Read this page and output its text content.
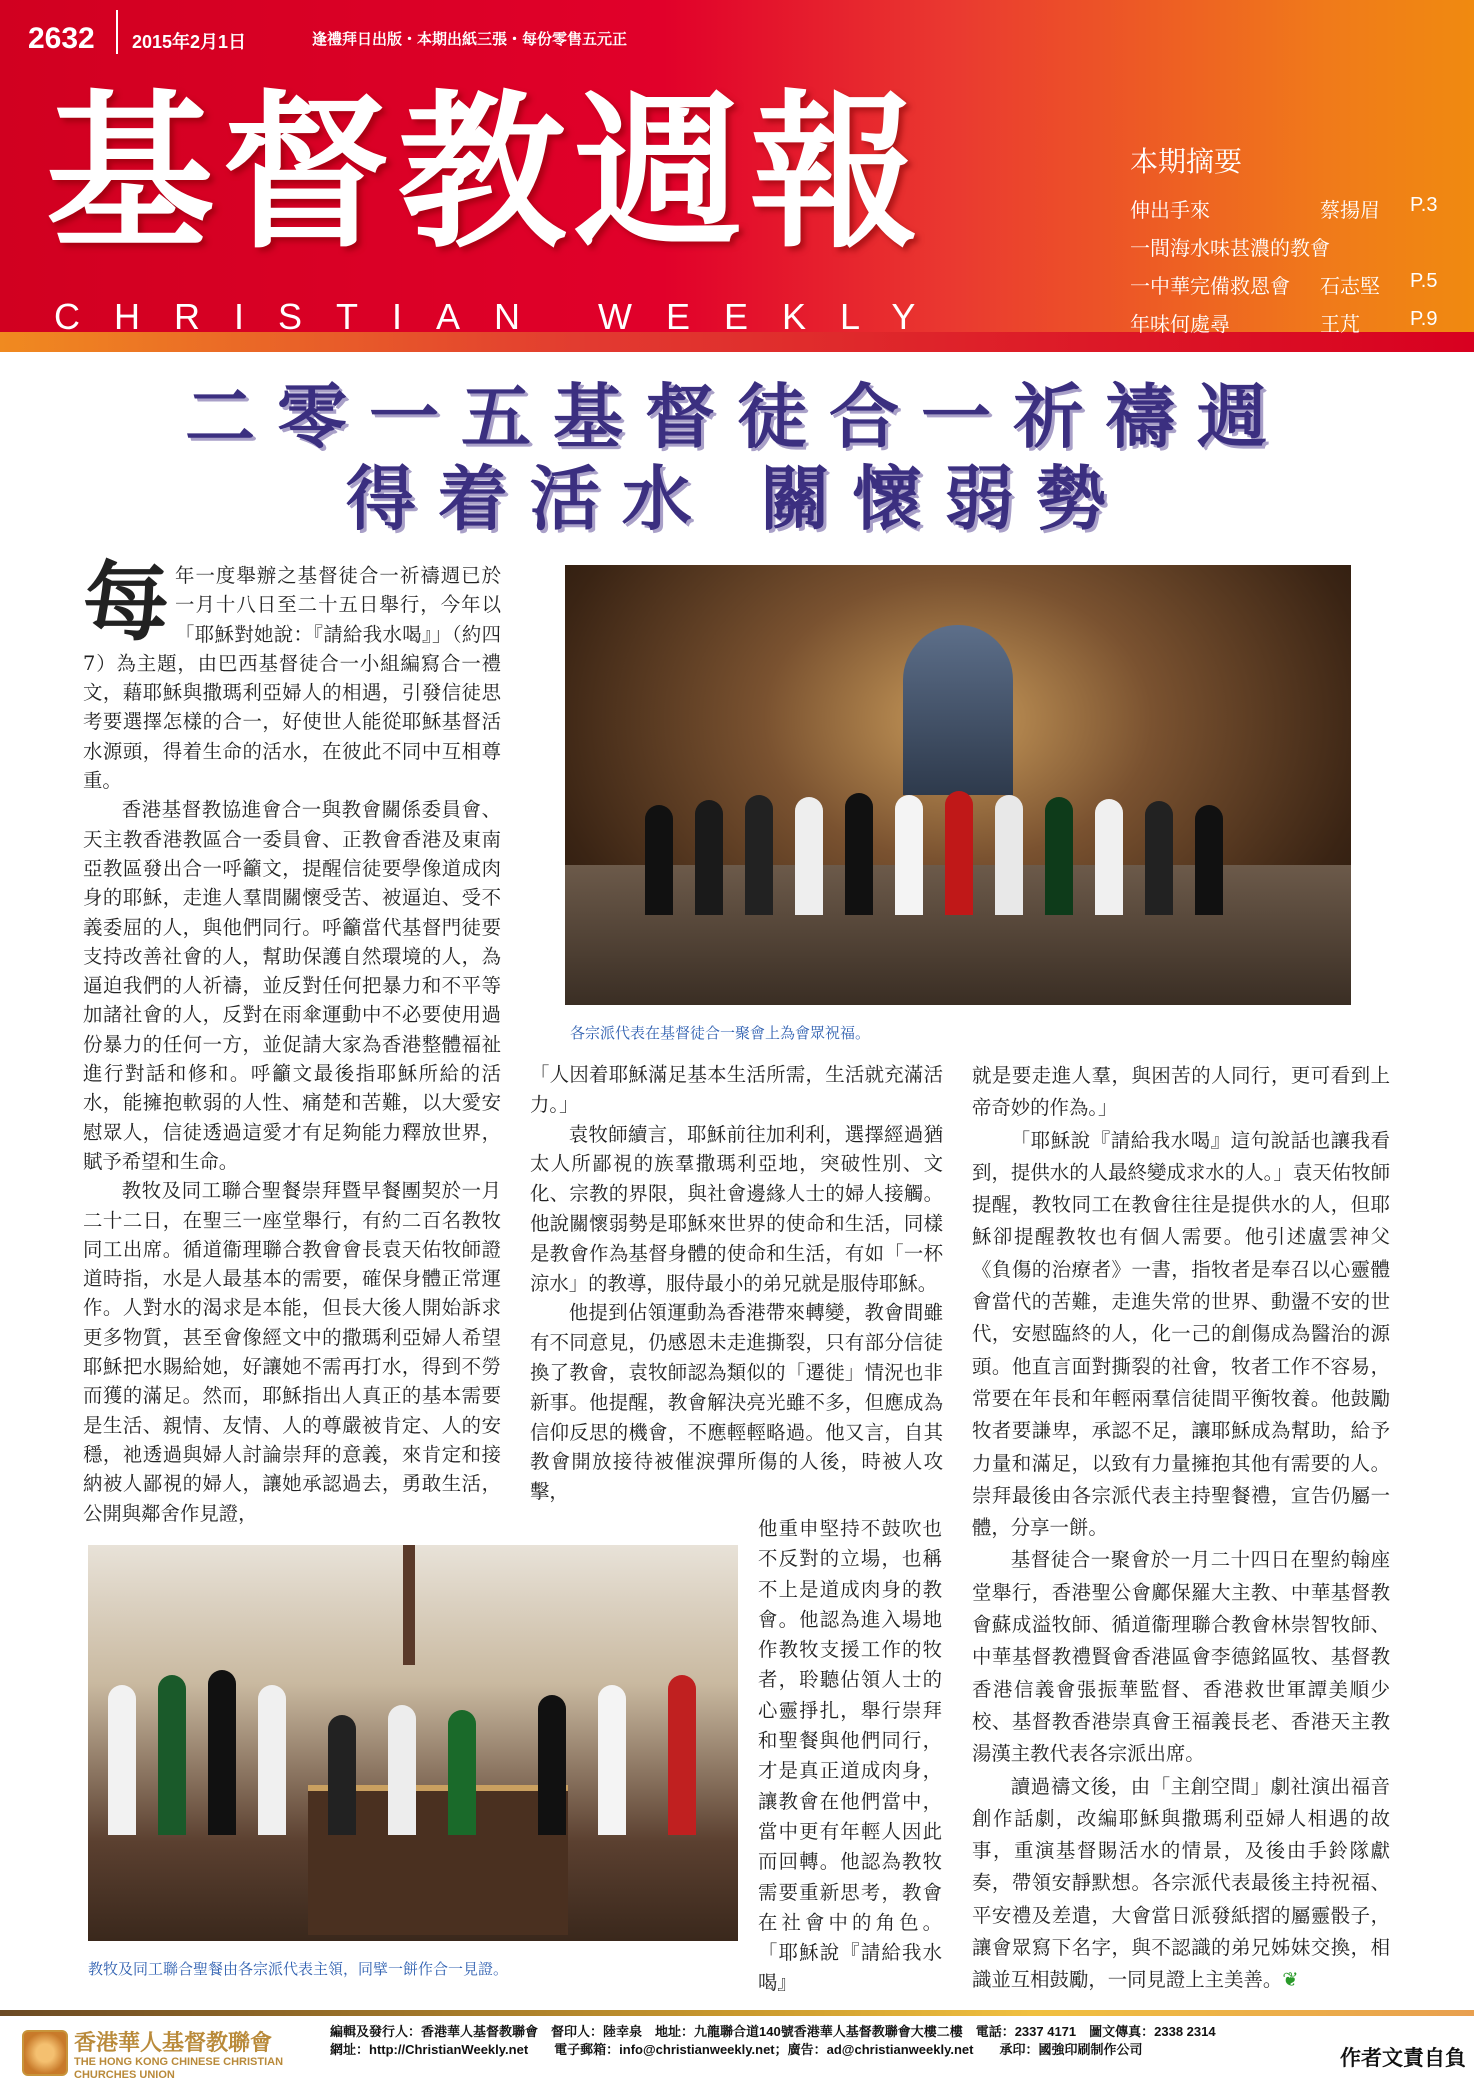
2632 2015年2月1日	逢禮拜日出版・本期出紙三張・每份零售五元正
基督教週報
CHRISTIAN WEEKLY
本期摘要
伸出手來	蔡揚眉	P.3
一間海水味甚濃的教會
一中華完備救恩會	石志堅	P.5
年味何處尋	王芃	P.9
二零一五基督徒合一祈禱週
得着活水 關懷弱勢
各宗派代表在基督徒合一聚會上為會眾祝福。

每年一度舉辦之基督徒合一祈禱週已於一月十八日至二十五日舉行，今年以「耶穌對她說：『請給我水喝』」（約四7）為主題，由巴西基督徒合一小組編寫合一禮文，藉耶穌與撒瑪利亞婦人的相遇，引發信徒思考要選擇怎樣的合一，好使世人能從耶穌基督活水源頭，得着生命的活水，在彼此不同中互相尊重。

香港基督教協進會合一與教會關係委員會、天主教香港教區合一委員會、正教會香港及東南亞教區發出合一呼籲文，提醒信徒要學像道成肉身的耶穌，走進人羣間關懷受苦、被逼迫、受不義委屈的人，與他們同行。呼籲當代基督門徒要支持改善社會的人，幫助保護自然環境的人，為逼迫我們的人祈禱，並反對任何把暴力和不平等加諸社會的人，反對在雨傘運動中不必要使用過份暴力的任何一方，並促請大家為香港整體福祉進行對話和修和。呼籲文最後指耶穌所給的活水，能擁抱軟弱的人性、痛楚和苦難，以大愛安慰眾人，信徒透過這愛才有足夠能力釋放世界，賦予希望和生命。

教牧及同工聯合聖餐崇拜暨早餐團契於一月二十二日，在聖三一座堂舉行，有約二百名教牧同工出席。循道衞理聯合教會會長袁天佑牧師證道時指，水是人最基本的需要，確保身體正常運作。人對水的渴求是本能，但長大後人開始訴求更多物質，甚至會像經文中的撒瑪利亞婦人希望耶穌把水賜給她，好讓她不需再打水，得到不勞而獲的滿足。然而，耶穌指出人真正的基本需要是生活、親情、友情、人的尊嚴被肯定、人的安穩，祂透過與婦人討論崇拜的意義，來肯定和接納被人鄙視的婦人，讓她承認過去，勇敢生活，公開與鄰舍作見證，

「人因着耶穌滿足基本生活所需，生活就充滿活力。」

袁牧師續言，耶穌前往加利利，選擇經過猶太人所鄙視的族羣撒瑪利亞地，突破性別、文化、宗教的界限，與社會邊緣人士的婦人接觸。他說關懷弱勢是耶穌來世界的使命和生活，同樣是教會作為基督身體的使命和生活，有如「一杯涼水」的教導，服侍最小的弟兄就是服侍耶穌。

他提到佔領運動為香港帶來轉變，教會間雖有不同意見，仍感恩未走進撕裂，只有部分信徒換了教會，袁牧師認為類似的「遷徙」情況也非新事。他提醒，教會解決亮光雖不多，但應成為信仰反思的機會，不應輕輕略過。他又言，自其教會開放接待被催淚彈所傷的人後，時被人攻擊，

他重申堅持不鼓吹也不反對的立場，也稱不上是道成肉身的教會。他認為進入場地作教牧支援工作的牧者，聆聽佔領人士的心靈掙扎，舉行崇拜和聖餐與他們同行，才是真正道成肉身，讓教會在他們當中，當中更有年輕人因此而回轉。他認為教牧需要重新思考，教會在社會中的角色。「耶穌說『請給我水喝』

就是要走進人羣，與困苦的人同行，更可看到上帝奇妙的作為。」

「耶穌說『請給我水喝』這句說話也讓我看到，提供水的人最終變成求水的人。」袁天佑牧師提醒，教牧同工在教會往往是提供水的人，但耶穌卻提醒教牧也有個人需要。他引述盧雲神父《負傷的治療者》一書，指牧者是奉召以心靈體會當代的苦難，走進失常的世界、動盪不安的世代，安慰臨終的人，化一己的創傷成為醫治的源頭。他直言面對撕裂的社會，牧者工作不容易，常要在年長和年輕兩羣信徒間平衡牧養。他鼓勵牧者要謙卑，承認不足，讓耶穌成為幫助，給予力量和滿足，以致有力量擁抱其他有需要的人。崇拜最後由各宗派代表主持聖餐禮，宣告仍屬一體，分享一餅。

基督徒合一聚會於一月二十四日在聖約翰座堂舉行，香港聖公會鄺保羅大主教、中華基督教會蘇成溢牧師、循道衞理聯合教會林崇智牧師、中華基督教禮賢會香港區會李德銘區牧、基督教香港信義會張振華監督、香港救世軍譚美順少校、基督教香港崇真會王福義長老、香港天主教湯漢主教代表各宗派出席。

讀過禱文後，由「主創空間」劇社演出福音創作話劇，改編耶穌與撒瑪利亞婦人相遇的故事，重演基督賜活水的情景，及後由手鈴隊獻奏，帶領安靜默想。各宗派代表最後主持祝福、平安禮及差遣，大會當日派發紙摺的屬靈骰子，讓會眾寫下名字，與不認識的弟兄姊妹交換，相識並互相鼓勵，一同見證上主美善。❦

教牧及同工聯合聖餐由各宗派代表主領，同擘一餅作合一見證。
香港華人基督教聯會
THE HONG KONG CHINESE CHRISTIAN CHURCHES UNION
編輯及發行人：香港華人基督教聯會　督印人：陸幸泉　地址：九龍聯合道140號香港華人基督教聯會大樓二樓　電話：2337 4171　圖文傳真：2338 2314
網址：http://ChristianWeekly.net　　電子郵箱：info@christianweekly.net；廣告：ad@christianweekly.net　　承印：國強印刷制作公司	作者文責自負
